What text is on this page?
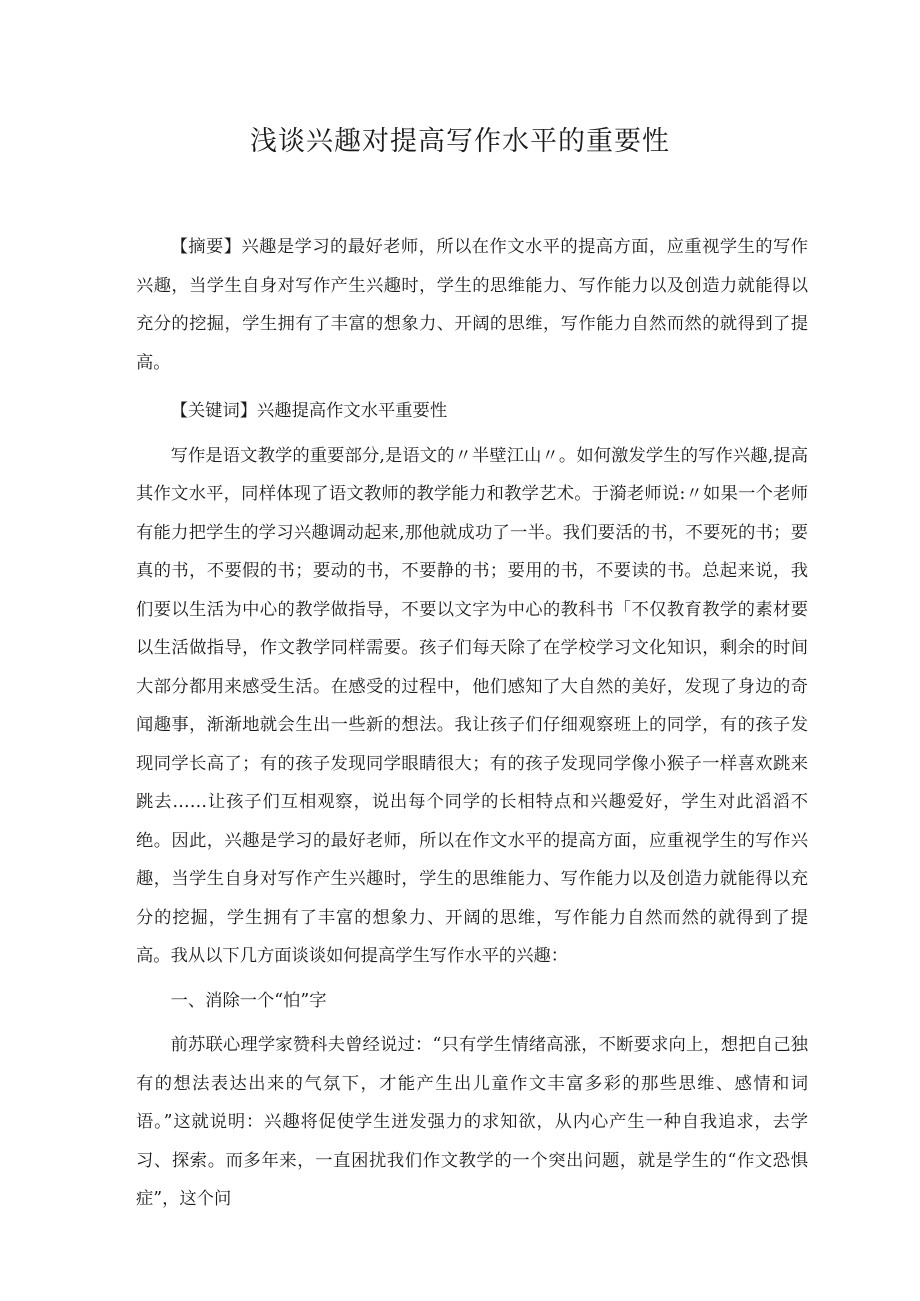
浅谈兴趣对提高写作水平的重要性

【摘要】兴趣是学习的最好老师，所以在作文水平的提高方面，应重视学生的写作兴趣，当学生自身对写作产生兴趣时，学生的思维能力、写作能力以及创造力就能得以充分的挖掘，学生拥有了丰富的想象力、开阔的思维，写作能力自然而然的就得到了提高。

【关键词】兴趣提高作文水平重要性

写作是语文教学的重要部分,是语文的〃半壁江山〃。如何激发学生的写作兴趣,提高其作文水平，同样体现了语文教师的教学能力和教学艺术。于漪老师说:〃如果一个老师有能力把学生的学习兴趣调动起来,那他就成功了一半。我们要活的书，不要死的书；要真的书，不要假的书；要动的书，不要静的书；要用的书，不要读的书。总起来说，我们要以生活为中心的教学做指导，不要以文字为中心的教科书「不仅教育教学的素材要以生活做指导，作文教学同样需要。孩子们每天除了在学校学习文化知识，剩余的时间大部分都用来感受生活。在感受的过程中，他们感知了大自然的美好，发现了身边的奇闻趣事，渐渐地就会生出一些新的想法。我让孩子们仔细观察班上的同学，有的孩子发现同学长高了；有的孩子发现同学眼睛很大；有的孩子发现同学像小猴子一样喜欢跳来跳去……让孩子们互相观察，说出每个同学的长相特点和兴趣爱好，学生对此滔滔不绝。因此，兴趣是学习的最好老师，所以在作文水平的提高方面，应重视学生的写作兴趣，当学生自身对写作产生兴趣时，学生的思维能力、写作能力以及创造力就能得以充分的挖掘，学生拥有了丰富的想象力、开阔的思维，写作能力自然而然的就得到了提高。我从以下几方面谈谈如何提高学生写作水平的兴趣：

一、消除一个“怕”字

前苏联心理学家赞科夫曾经说过：“只有学生情绪高涨，不断要求向上，想把自己独有的想法表达出来的气氛下，才能产生出儿童作文丰富多彩的那些思维、感情和词语。”这就说明：兴趣将促使学生迸发强力的求知欲，从内心产生一种自我追求，去学习、探索。而多年来，一直困扰我们作文教学的一个突出问题，就是学生的“作文恐惧症”，这个问
